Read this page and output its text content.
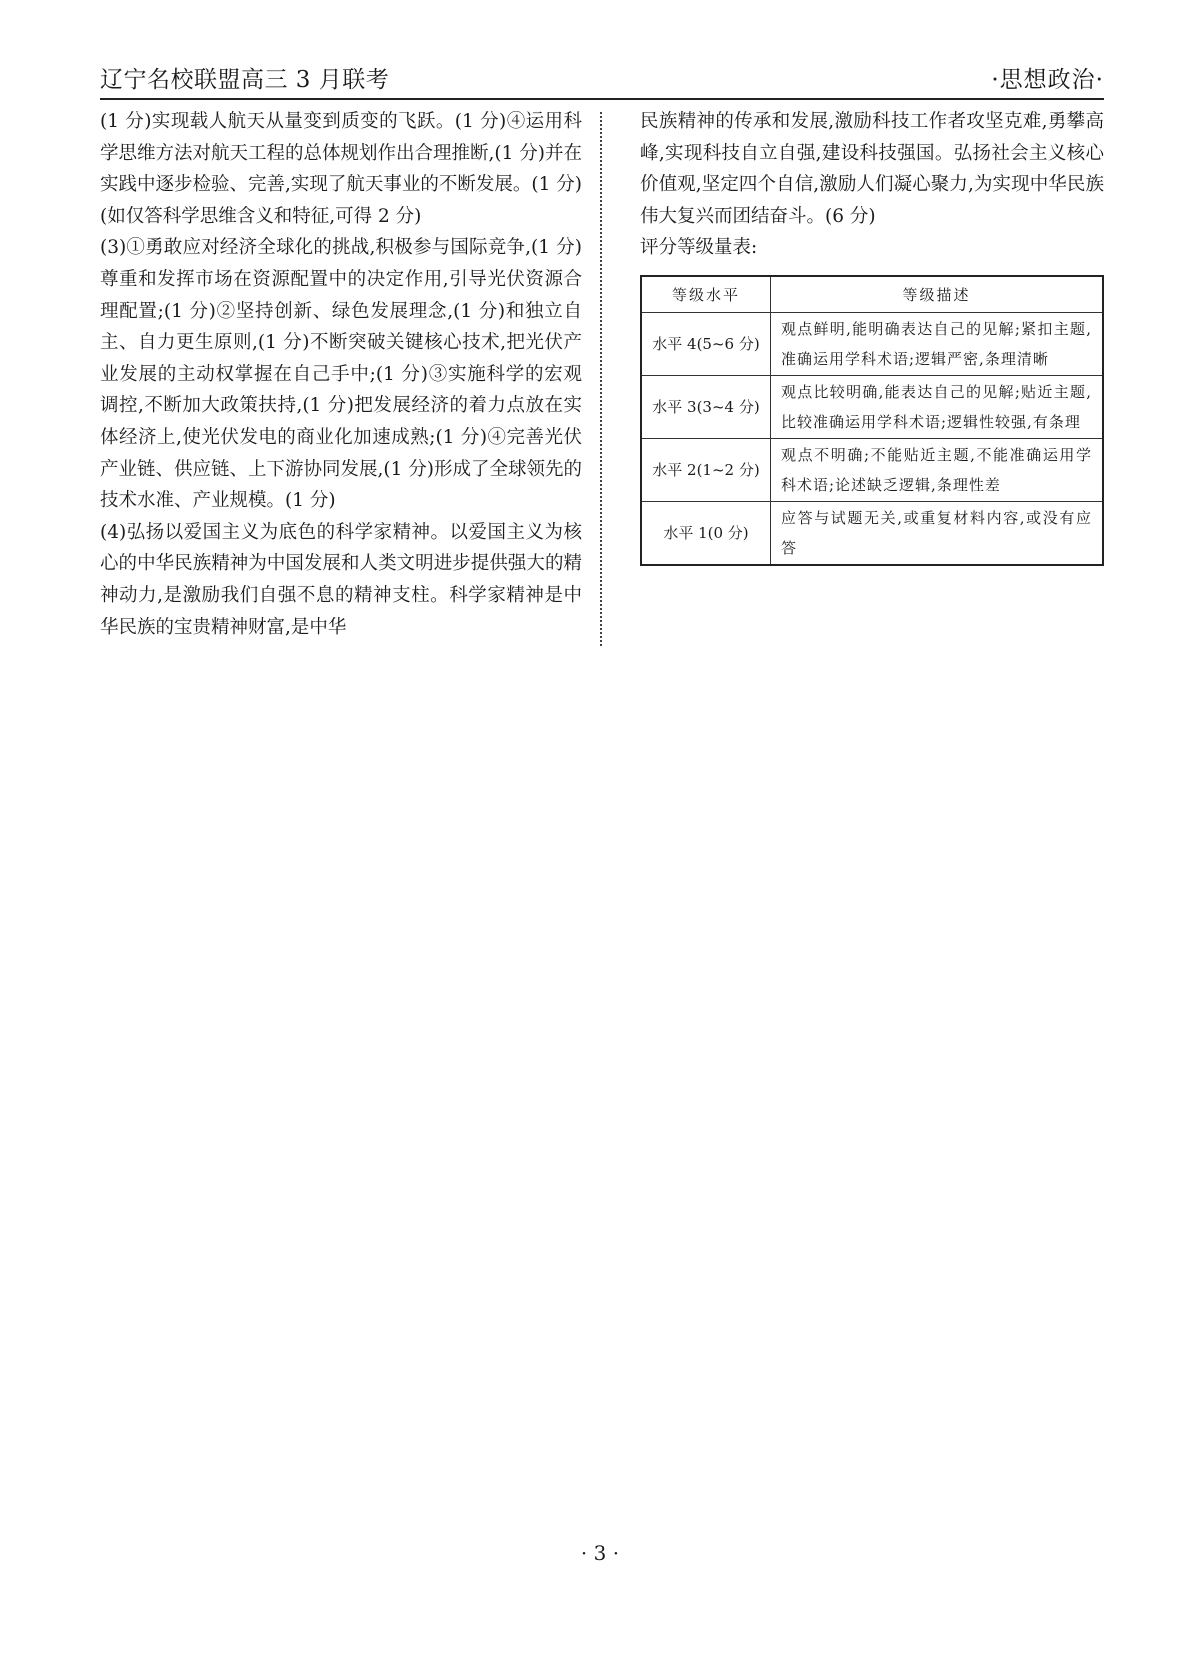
辽宁名校联盟高三 3 月联考	·思想政治·

(1 分)实现载人航天从量变到质变的飞跃。(1 分)④运用科学思维方法对航天工程的总体规划作出合理推断,(1 分)并在实践中逐步检验、完善,实现了航天事业的不断发展。(1 分)(如仅答科学思维含义和特征,可得 2 分)

(3)①勇敢应对经济全球化的挑战,积极参与国际竞争,(1 分)尊重和发挥市场在资源配置中的决定作用,引导光伏资源合理配置;(1 分)②坚持创新、绿色发展理念,(1 分)和独立自主、自力更生原则,(1 分)不断突破关键核心技术,把光伏产业发展的主动权掌握在自己手中;(1 分)③实施科学的宏观调控,不断加大政策扶持,(1 分)把发展经济的着力点放在实体经济上,使光伏发电的商业化加速成熟;(1 分)④完善光伏产业链、供应链、上下游协同发展,(1 分)形成了全球领先的技术水准、产业规模。(1 分)

(4)弘扬以爱国主义为底色的科学家精神。以爱国主义为核心的中华民族精神为中国发展和人类文明进步提供强大的精神动力,是激励我们自强不息的精神支柱。科学家精神是中华民族的宝贵精神财富,是中华

民族精神的传承和发展,激励科技工作者攻坚克难,勇攀高峰,实现科技自立自强,建设科技强国。弘扬社会主义核心价值观,坚定四个自信,激励人们凝心聚力,为实现中华民族伟大复兴而团结奋斗。(6 分)

评分等级量表:

等级水平	等级描述
水平 4(5~6 分)	观点鲜明,能明确表达自己的见解;紧扣主题,准确运用学科术语;逻辑严密,条理清晰
水平 3(3~4 分)	观点比较明确,能表达自己的见解;贴近主题,比较准确运用学科术语;逻辑性较强,有条理
水平 2(1~2 分)	观点不明确;不能贴近主题,不能准确运用学科术语;论述缺乏逻辑,条理性差
水平 1(0 分)	应答与试题无关,或重复材料内容,或没有应答
· 3 ·
